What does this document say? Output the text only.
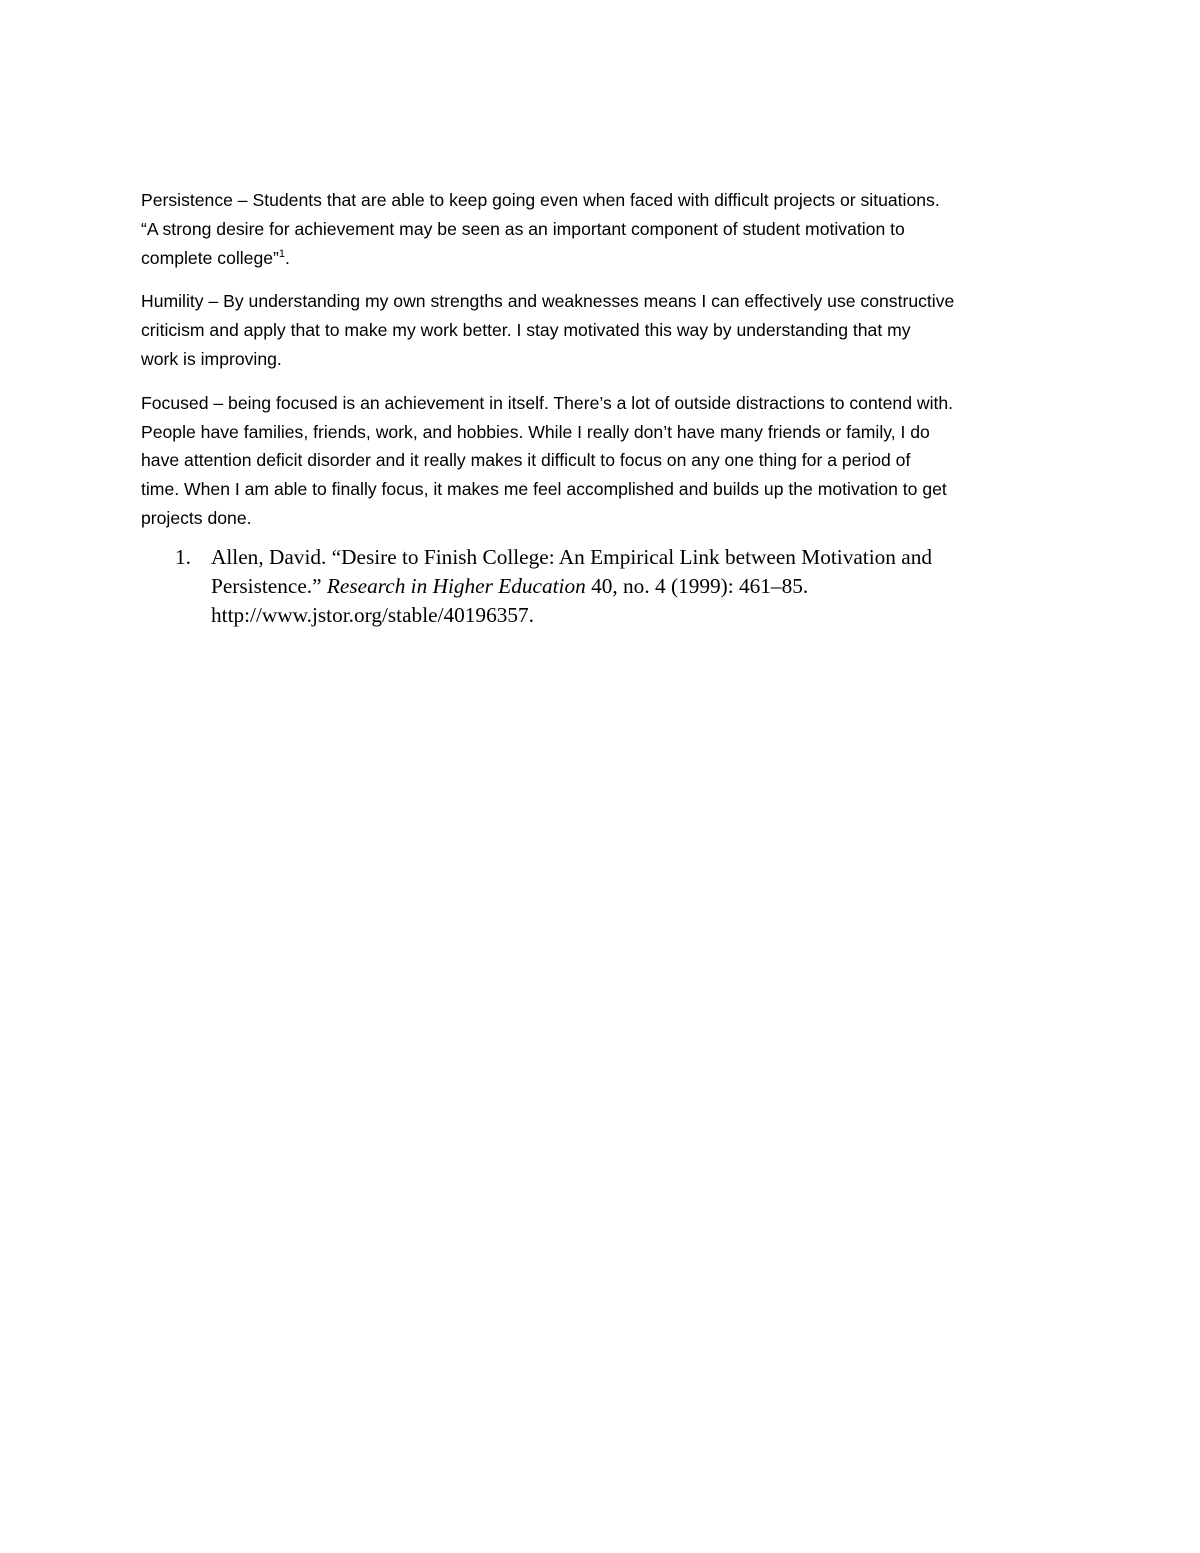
Persistence – Students that are able to keep going even when faced with difficult projects or situations.
“A strong desire for achievement may be seen as an important component of student motivation to
complete college”$^1$.

Humility – By understanding my own strengths and weaknesses means I can effectively use constructive
criticism and apply that to make my work better. I stay motivated this way by understanding that my
work is improving.

Focused – being focused is an achievement in itself. There’s a lot of outside distractions to contend with.
People have families, friends, work, and hobbies. While I really don’t have many friends or family, I do
have attention deficit disorder and it really makes it difficult to focus on any one thing for a period of
time. When I am able to finally focus, it makes me feel accomplished and builds up the motivation to get
projects done.

1. Allen, David. “Desire to Finish College: An Empirical Link between Motivation and
Persistence.” Research in Higher Education 40, no. 4 (1999): 461–85.
http://www.jstor.org/stable/40196357.
